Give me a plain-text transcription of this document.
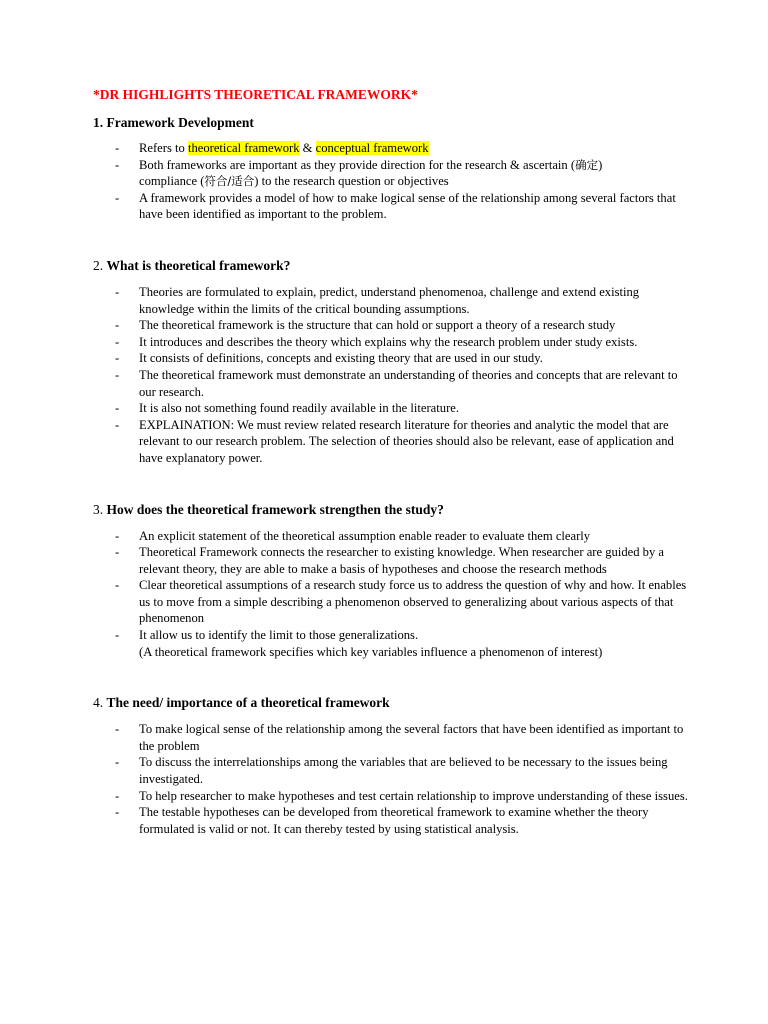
*DR HIGHLIGHTS THEORETICAL FRAMEWORK*

1. Framework Development

- Refers to theoretical framework & conceptual framework
- Both frameworks are important as they provide direction for the research & ascertain (确定)
compliance (符合/适合) to the research question or objectives
- A framework provides a model of how to make logical sense of the relationship among several factors that have been identified as important to the problem.

2. What is theoretical framework?

- Theories are formulated to explain, predict, understand phenomenoa, challenge and extend existing knowledge within the limits of the critical bounding assumptions.
- The theoretical framework is the structure that can hold or support a theory of a research study
- It introduces and describes the theory which explains why the research problem under study exists.
- It consists of definitions, concepts and existing theory that are used in our study.
- The theoretical framework must demonstrate an understanding of theories and concepts that are relevant to our research.
- It is also not something found readily available in the literature.
- EXPLAINATION: We must review related research literature for theories and analytic the model that are relevant to our research problem. The selection of theories should also be relevant, ease of application and have explanatory power.

3. How does the theoretical framework strengthen the study?

- An explicit statement of the theoretical assumption enable reader to evaluate them clearly
- Theoretical Framework connects the researcher to existing knowledge. When researcher are guided by a relevant theory, they are able to make a basis of hypotheses and choose the research methods
- Clear theoretical assumptions of a research study force us to address the question of why and how. It enables us to move from a simple describing a phenomenon observed to generalizing about various aspects of that phenomenon
- It allow us to identify the limit to those generalizations.
(A theoretical framework specifies which key variables influence a phenomenon of interest)

4. The need/ importance of a theoretical framework

- To make logical sense of the relationship among the several factors that have been identified as important to the problem
- To discuss the interrelationships among the variables that are believed to be necessary to the issues being investigated.
- To help researcher to make hypotheses and test certain relationship to improve understanding of these issues.
- The testable hypotheses can be developed from theoretical framework to examine whether the theory formulated is valid or not. It can thereby tested by using statistical analysis.
